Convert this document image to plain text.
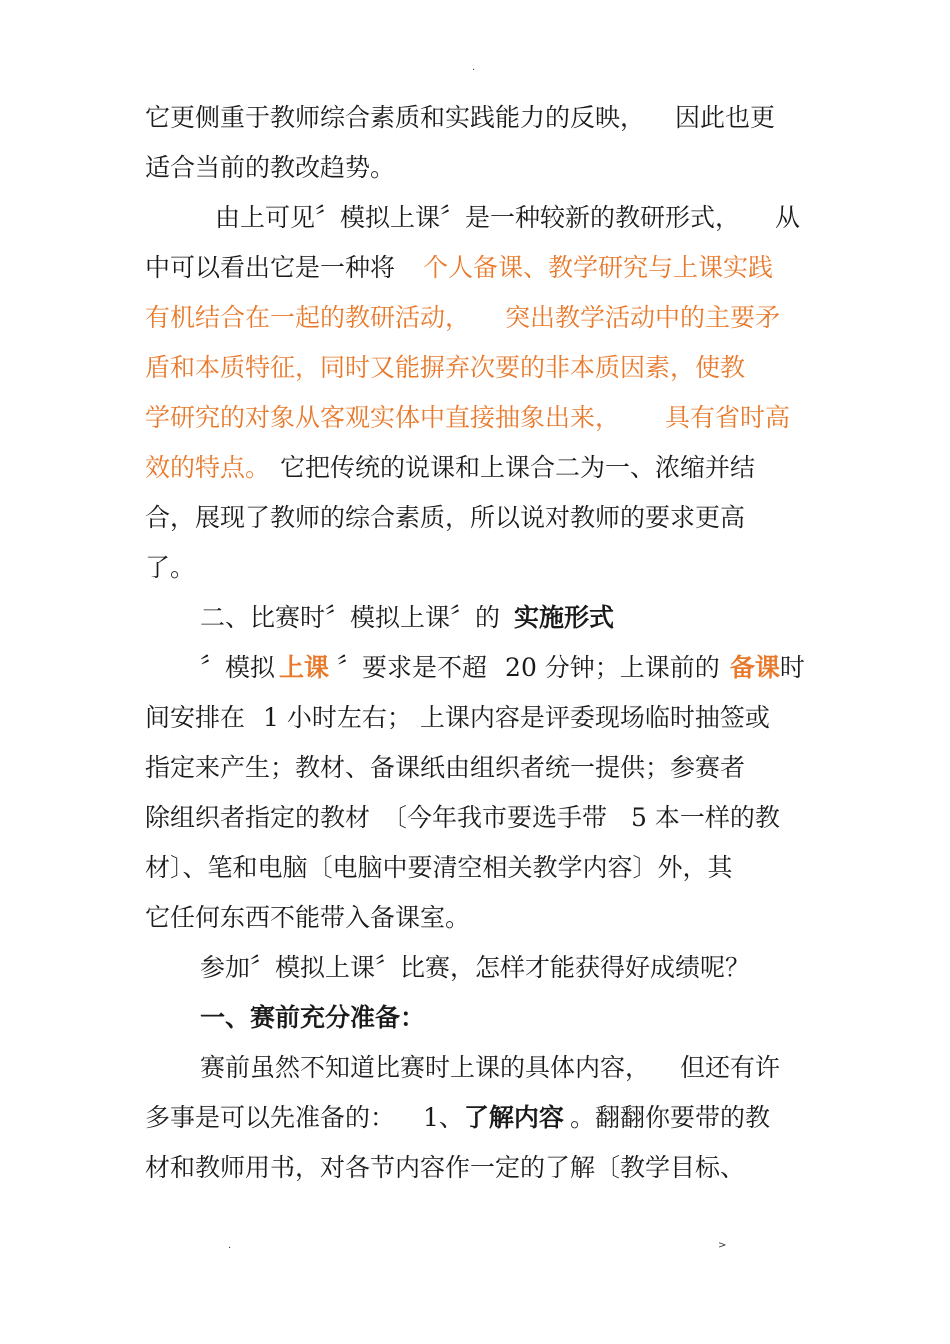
.

它更侧重于教师综合素质和实践能力的反映， 因此也更

适合当前的教改趋势。

由上可见〞模拟上课〞是一种较新的教研形式， 从

中可以看出它是一种将 个人备课、教学研究与上课实践

有机结合在一起的教研活动， 突出教学活动中的主要矛

盾和本质特征，同时又能摒弃次要的非本质因素，使教

学研究的对象从客观实体中直接抽象出来， 具有省时高

效的特点。 它把传统的说课和上课合二为一、浓缩并结

合，展现了教师的综合素质，所以说对教师的要求更高

了。

二、比赛时〞模拟上课〞的 实施形式

〞模拟 上课 〞要求是不超 20 分钟；上课前的 备课时

间安排在 1 小时左右； 上课内容是评委现场临时抽签或

指定来产生；教材、备课纸由组织者统一提供；参赛者

除组织者指定的教材 〔今年我市要选手带 5 本一样的教

材〕、笔和电脑〔电脑中要清空相关教学内容〕外，其

它任何东西不能带入备课室。

参加〞模拟上课〞比赛，怎样才能获得好成绩呢？

一、赛前充分准备：

赛前虽然不知道比赛时上课的具体内容， 但还有许

多事是可以先准备的： 1、了解内容 。翻翻你要带的教

材和教师用书，对各节内容作一定的了解〔教学目标、

.	>
